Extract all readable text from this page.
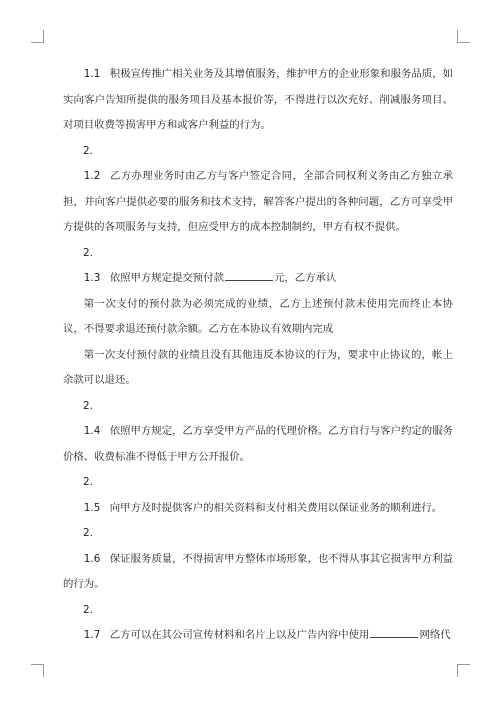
1.1 积极宣传推广相关业务及其增值服务，维护甲方的企业形象和服务品质，如实向客户告知所提供的服务项目及基本报价等，不得进行以次充好、削减服务项目、对项目收费等损害甲方和或客户利益的行为。

2.

1.2 乙方办理业务时由乙方与客户签定合同，全部合同权利义务由乙方独立承担，并向客户提供必要的服务和技术支持，解答客户提出的各种问题，乙方可享受甲方提供的各项服务与支持，但应受甲方的成本控制制约，甲方有权不提供。

2.

1.3 依照甲方规定提交预付款	元，乙方承认

第一次支付的预付款为必须完成的业绩，乙方上述预付款未使用完而终止本协议，不得要求退还预付款余额。乙方在本协议有效期内完成

第一次支付预付款的业绩且没有其他违反本协议的行为，要求中止协议的，帐上余款可以退还。

2.

1.4 依照甲方规定，乙方享受甲方产品的代理价格。乙方自行与客户约定的服务价格、收费标准不得低于甲方公开报价。

2.

1.5 向甲方及时提供客户的相关资料和支付相关费用以保证业务的顺利进行。

2.

1.6 保证服务质量，不得损害甲方整体市场形象，也不得从事其它损害甲方利益的行为。

2.

1.7 乙方可以在其公司宣传材料和名片上以及广告内容中使用	网络代
